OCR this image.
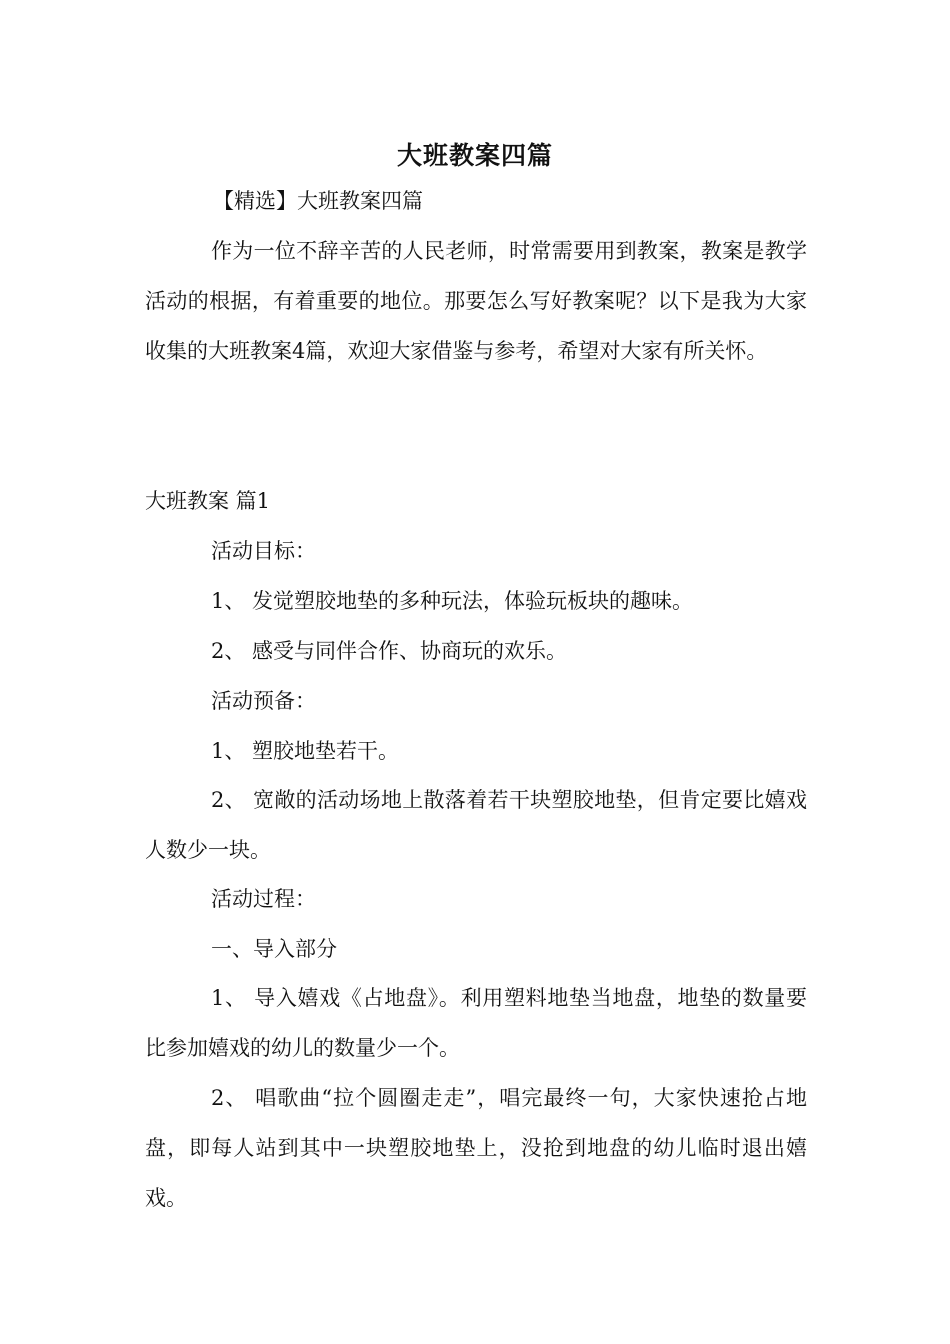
大班教案四篇
【精选】大班教案四篇
作为一位不辞辛苦的人民老师，时常需要用到教案，教案是教学活动的根据，有着重要的地位。那要怎么写好教案呢？以下是我为大家收集的大班教案4篇，欢迎大家借鉴与参考，希望对大家有所关怀。
大班教案 篇1
活动目标：
1、 发觉塑胶地垫的多种玩法，体验玩板块的趣味。
2、 感受与同伴合作、协商玩的欢乐。
活动预备：
1、 塑胶地垫若干。
2、 宽敞的活动场地上散落着若干块塑胶地垫，但肯定要比嬉戏人数少一块。
活动过程：
一、导入部分
1、 导入嬉戏《占地盘》。利用塑料地垫当地盘，地垫的数量要比参加嬉戏的幼儿的数量少一个。
2、 唱歌曲“拉个圆圈走走”，唱完最终一句，大家快速抢占地盘，即每人站到其中一块塑胶地垫上，没抢到地盘的幼儿临时退出嬉戏。
